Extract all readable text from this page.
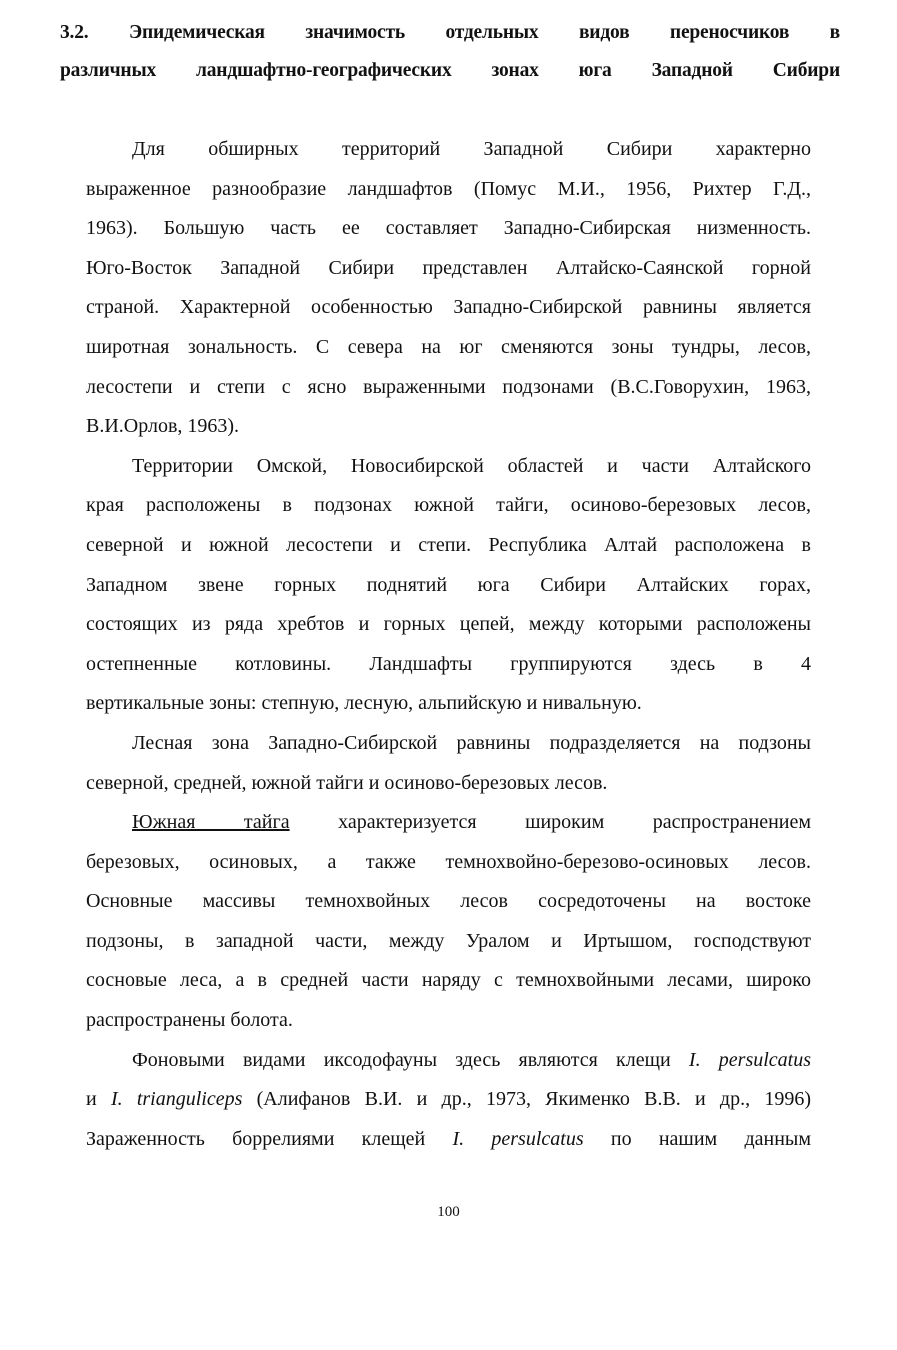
3.2. Эпидемическая значимость отдельных видов переносчиков в
различных ландшафтно-географических зонах юга Западной Сибири
Для обширных территорий Западной Сибири характерно
выраженное разнообразие ландшафтов (Помус М.И., 1956, Рихтер Г.Д.,
1963). Большую часть ее составляет Западно-Сибирская низменность.
Юго-Восток Западной Сибири представлен Алтайско-Саянской горной
страной. Характерной особенностью Западно-Сибирской равнины является
широтная зональность. С севера на юг сменяются зоны тундры, лесов,
лесостепи и степи с ясно выраженными подзонами (В.С.Говорухин, 1963,
В.И.Орлов, 1963).
Территории Омской, Новосибирской областей и части Алтайского
края расположены в подзонах южной тайги, осиново-березовых лесов,
северной и южной лесостепи и степи. Республика Алтай расположена в
Западном звене горных поднятий юга Сибири Алтайских горах,
состоящих из ряда хребтов и горных цепей, между которыми расположены
остепненные котловины. Ландшафты группируются здесь в 4
вертикальные зоны: степную, лесную, альпийскую и нивальную.
Лесная зона Западно-Сибирской равнины подразделяется на подзоны
северной, средней, южной тайги и осиново-березовых лесов.
Южная тайга характеризуется широким распространением
березовых, осиновых, а также темнохвойно-березово-осиновых лесов.
Основные массивы темнохвойных лесов сосредоточены на востоке
подзоны, в западной части, между Уралом и Иртышом, господствуют
сосновые леса, а в средней части наряду с темнохвойными лесами, широко
распространены болота.
Фоновыми видами иксодофауны здесь являются клещи I. persulcatus
и I. trianguliceps (Алифанов В.И. и др., 1973, Якименко В.В. и др., 1996)
Зараженность боррелиями клещей I. persulcatus по нашим данным
100
